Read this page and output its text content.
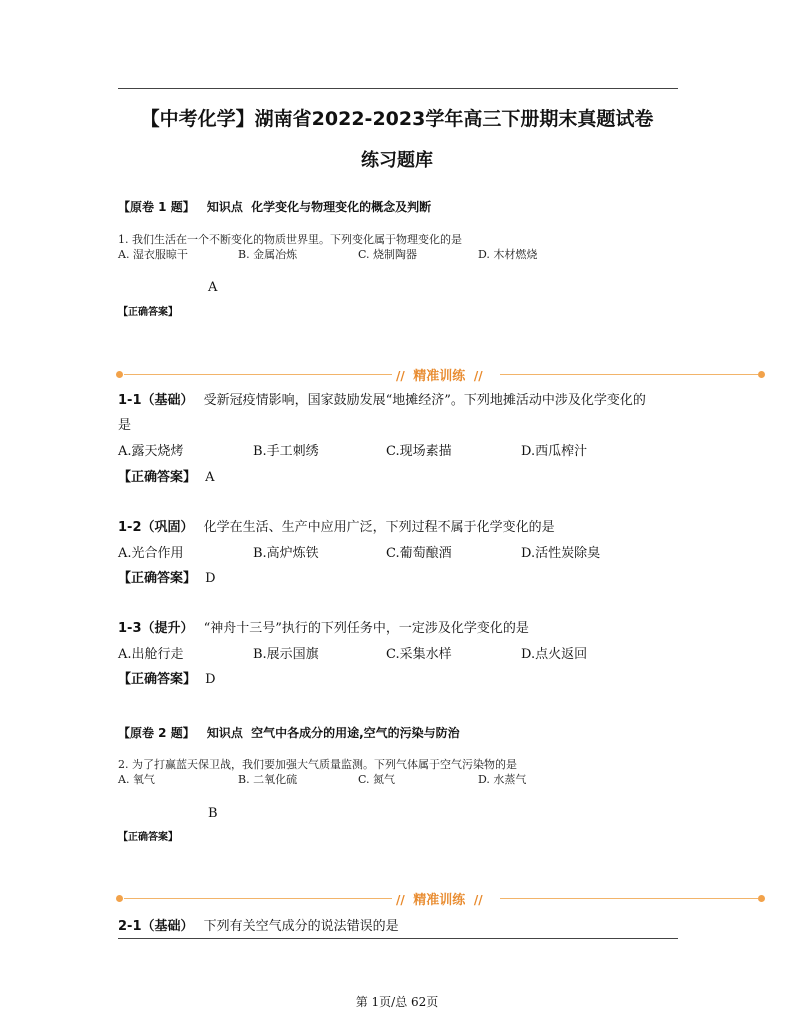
【中考化学】湖南省2022-2023学年高三下册期末真题试卷
练习题库
【原卷 1 题】 知识点 化学变化与物理变化的概念及判断
1. 我们生活在一个不断变化的物质世界里。下列变化属于物理变化的是
A. 湿衣服晾干	B. 金属冶炼	C. 烧制陶器	D. 木材燃烧
A
【正确答案】
// 精准训练 //
1-1（基础） 受新冠疫情影响，国家鼓励发展“地摊经济”。下列地摊活动中涉及化学变化的
是
A.露天烧烤	B.手工刺绣	C.现场素描	D.西瓜榨汁
【正确答案】 A
1-2（巩固） 化学在生活、生产中应用广泛，下列过程不属于化学变化的是
A.光合作用	B.高炉炼铁	C.葡萄酿酒	D.活性炭除臭
【正确答案】 D
1-3（提升） “神舟十三号”执行的下列任务中，一定涉及化学变化的是
A.出舱行走	B.展示国旗	C.采集水样	D.点火返回
【正确答案】 D
【原卷 2 题】 知识点 空气中各成分的用途,空气的污染与防治
2. 为了打赢蓝天保卫战，我们要加强大气质量监测。下列气体属于空气污染物的是
A. 氧气	B. 二氧化硫	C. 氮气	D. 水蒸气
B
【正确答案】
// 精准训练 //
2-1（基础） 下列有关空气成分的说法错误的是
第 1页/总 62页
